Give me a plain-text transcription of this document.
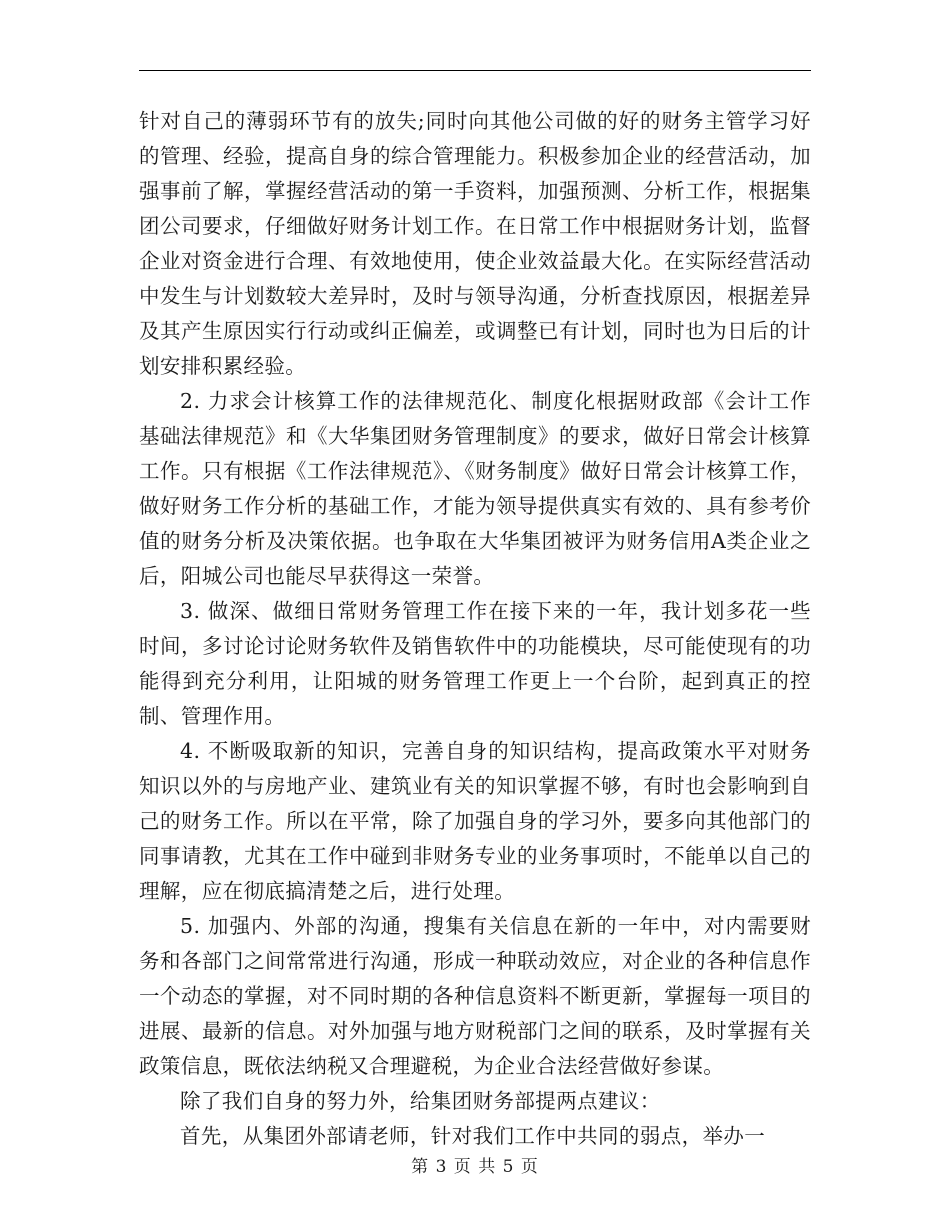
针对自己的薄弱环节有的放失;同时向其他公司做的好的财务主管学习好的管理、经验，提高自身的综合管理能力。积极参加企业的经营活动，加强事前了解，掌握经营活动的第一手资料，加强预测、分析工作，根据集团公司要求，仔细做好财务计划工作。在日常工作中根据财务计划，监督企业对资金进行合理、有效地使用，使企业效益最大化。在实际经营活动中发生与计划数较大差异时，及时与领导沟通，分析查找原因，根据差异及其产生原因实行行动或纠正偏差，或调整已有计划，同时也为日后的计划安排积累经验。

2. 力求会计核算工作的法律规范化、制度化根据财政部《会计工作基础法律规范》和《大华集团财务管理制度》的要求，做好日常会计核算工作。只有根据《工作法律规范》、《财务制度》做好日常会计核算工作，做好财务工作分析的基础工作，才能为领导提供真实有效的、具有参考价值的财务分析及决策依据。也争取在大华集团被评为财务信用A类企业之后，阳城公司也能尽早获得这一荣誉。

3. 做深、做细日常财务管理工作在接下来的一年，我计划多花一些时间，多讨论讨论财务软件及销售软件中的功能模块，尽可能使现有的功能得到充分利用，让阳城的财务管理工作更上一个台阶，起到真正的控制、管理作用。

4. 不断吸取新的知识，完善自身的知识结构，提高政策水平对财务知识以外的与房地产业、建筑业有关的知识掌握不够，有时也会影响到自己的财务工作。所以在平常，除了加强自身的学习外，要多向其他部门的同事请教，尤其在工作中碰到非财务专业的业务事项时，不能单以自己的理解，应在彻底搞清楚之后，进行处理。

5. 加强内、外部的沟通，搜集有关信息在新的一年中，对内需要财务和各部门之间常常进行沟通，形成一种联动效应，对企业的各种信息作一个动态的掌握，对不同时期的各种信息资料不断更新，掌握每一项目的进展、最新的信息。对外加强与地方财税部门之间的联系，及时掌握有关政策信息，既依法纳税又合理避税，为企业合法经营做好参谋。

除了我们自身的努力外，给集团财务部提两点建议：

首先，从集团外部请老师，针对我们工作中共同的弱点，举办一

第 3 页 共 5 页
